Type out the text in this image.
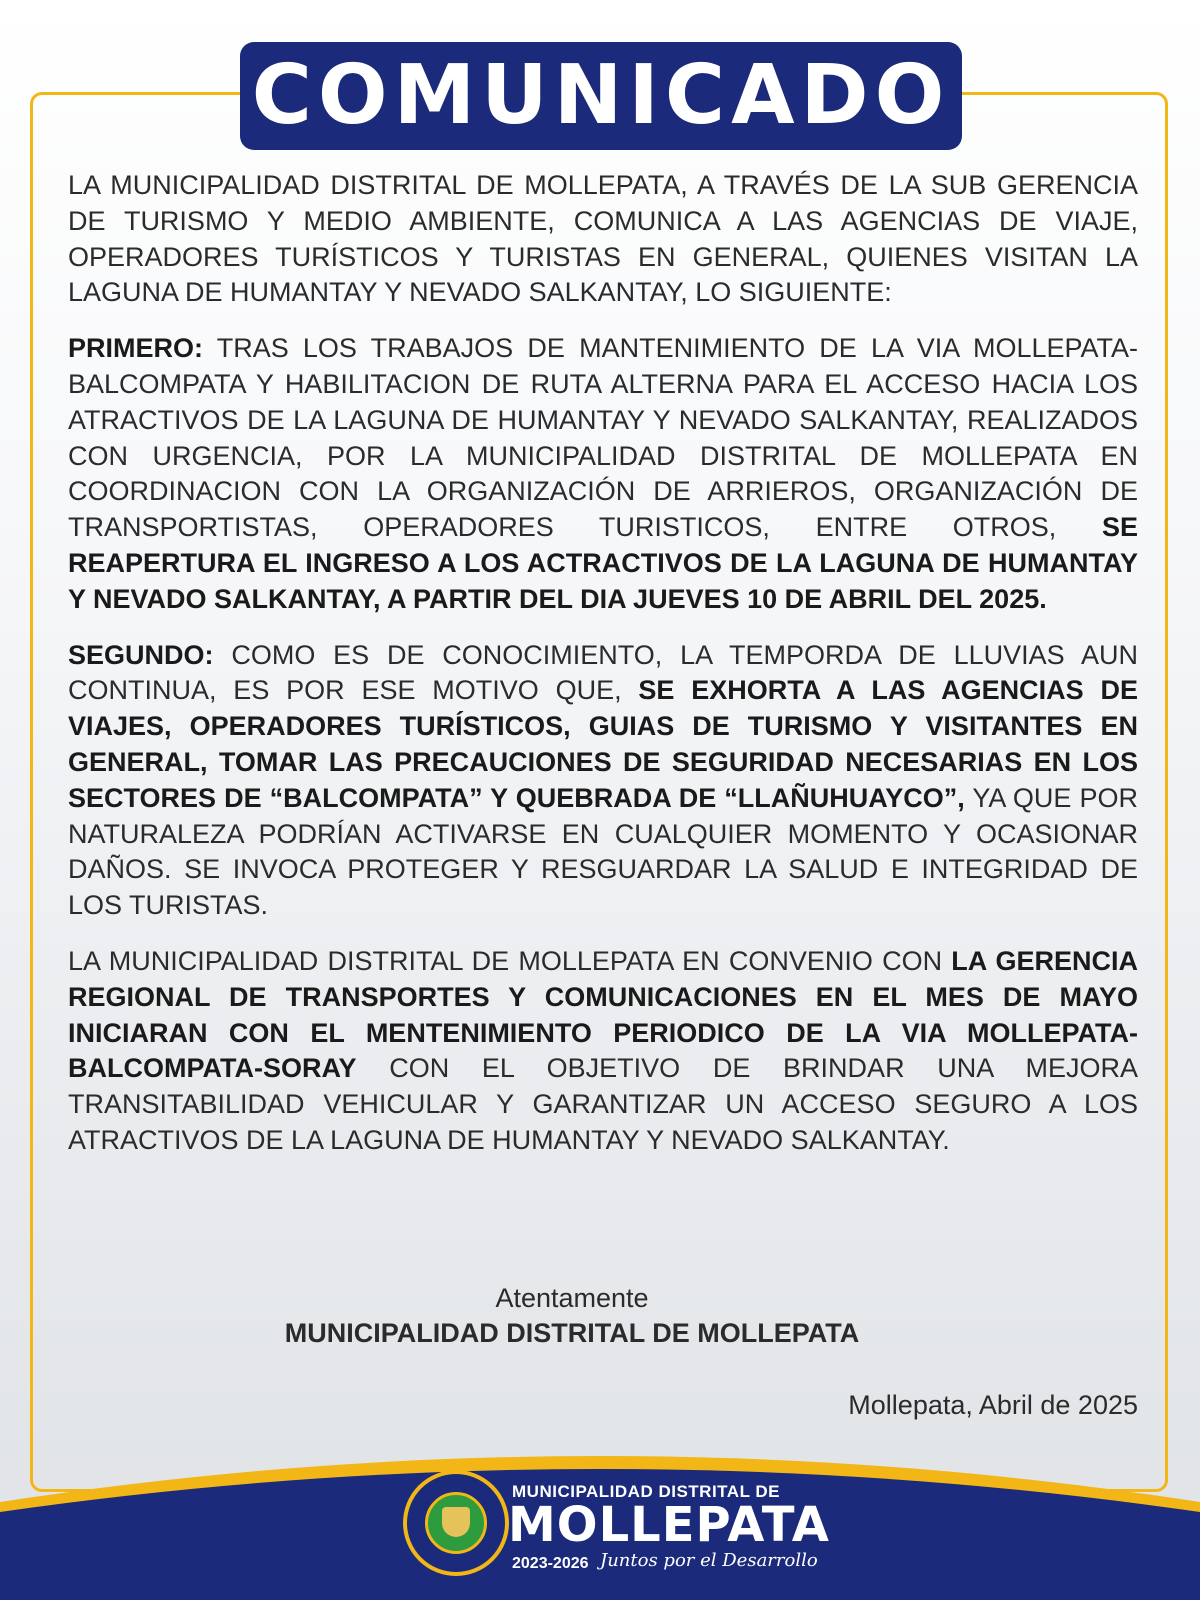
COMUNICADO

LA MUNICIPALIDAD DISTRITAL DE MOLLEPATA, A TRAVÉS DE LA SUB GERENCIA DE TURISMO Y MEDIO AMBIENTE, COMUNICA A LAS AGENCIAS DE VIAJE, OPERADORES TURÍSTICOS Y TURISTAS EN GENERAL, QUIENES VISITAN LA LAGUNA DE HUMANTAY Y NEVADO SALKANTAY, LO SIGUIENTE:

PRIMERO: TRAS LOS TRABAJOS DE MANTENIMIENTO DE LA VIA MOLLEPATA-BALCOMPATA Y HABILITACION DE RUTA ALTERNA PARA EL ACCESO HACIA LOS ATRACTIVOS DE LA LAGUNA DE HUMANTAY Y NEVADO SALKANTAY, REALIZADOS CON URGENCIA, POR LA MUNICIPALIDAD DISTRITAL DE MOLLEPATA EN COORDINACION CON LA ORGANIZACIÓN DE ARRIEROS, ORGANIZACIÓN DE TRANSPORTISTAS, OPERADORES TURISTICOS, ENTRE OTROS, SE REAPERTURA EL INGRESO A LOS ACTRACTIVOS DE LA LAGUNA DE HUMANTAY Y NEVADO SALKANTAY, A PARTIR DEL DIA JUEVES 10 DE ABRIL DEL 2025.

SEGUNDO: COMO ES DE CONOCIMIENTO, LA TEMPORDA DE LLUVIAS AUN CONTINUA, ES POR ESE MOTIVO QUE, SE EXHORTA A LAS AGENCIAS DE VIAJES, OPERADORES TURÍSTICOS, GUIAS DE TURISMO Y VISITANTES EN GENERAL, TOMAR LAS PRECAUCIONES DE SEGURIDAD NECESARIAS EN LOS SECTORES DE “BALCOMPATA” Y QUEBRADA DE “LLAÑUHUAYCO”, YA QUE POR NATURALEZA PODRÍAN ACTIVARSE EN CUALQUIER MOMENTO Y OCASIONAR DAÑOS. SE INVOCA PROTEGER Y RESGUARDAR LA SALUD E INTEGRIDAD DE LOS TURISTAS.

LA MUNICIPALIDAD DISTRITAL DE MOLLEPATA EN CONVENIO CON LA GERENCIA REGIONAL DE TRANSPORTES Y COMUNICACIONES EN EL MES DE MAYO INICIARAN CON EL MENTENIMIENTO PERIODICO DE LA VIA MOLLEPATA-BALCOMPATA-SORAY CON EL OBJETIVO DE BRINDAR UNA MEJORA TRANSITABILIDAD VEHICULAR Y GARANTIZAR UN ACCESO SEGURO A LOS ATRACTIVOS DE LA LAGUNA DE HUMANTAY Y NEVADO SALKANTAY.

Atentamente
MUNICIPALIDAD DISTRITAL DE MOLLEPATA
Mollepata, Abril de 2025
MUNICIPALIDAD DISTRITAL DE
MOLLEPATA
2023-2026 Juntos por el Desarrollo
